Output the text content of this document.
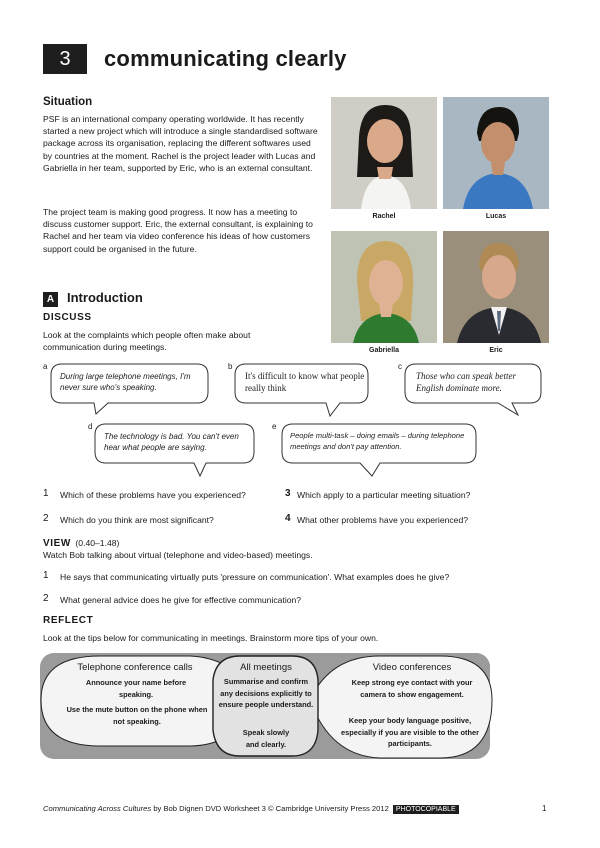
3	communicating clearly
Situation
PSF is an international company operating worldwide. It has recently started a new project which will introduce a single standardised software package across its organisation, replacing the different softwares used by countries at the moment. Rachel is the project leader with Lucas and Gabriella in her team, supported by Eric, who is an external consultant.
The project team is making good progress. It now has a meeting to discuss customer support. Eric, the external consultant, is explaining to Rachel and her team via video conference his ideas of how customers support could be organised in the future.
Rachel	Lucas
Gabriella	Eric
A Introduction
DISCUSS
Look at the complaints which people often make about communication during meetings.
a
During large telephone meetings, I'm never sure who's speaking.
b
It's difficult to know what people really think
c
Those who can speak better English dominate more.
d
The technology is bad. You can't even hear what people are saying.
e
People multi-task – doing emails – during telephone meetings and don't pay attention.
1 Which of these problems have you experienced?	3 Which apply to a particular meeting situation?
2 Which do you think are most significant?	4 What other problems have you experienced?
VIEW (0.40–1.48)
Watch Bob talking about virtual (telephone and video-based) meetings.
1 He says that communicating virtually puts 'pressure on communication'. What examples does he give?
2 What general advice does he give for effective communication?
REFLECT
Look at the tips below for communicating in meetings. Brainstorm more tips of your own.
Telephone conference calls
Announce your name before speaking.
Use the mute button on the phone when not speaking.
All meetings
Summarise and confirm any decisions explicitly to ensure people understand.
Speak slowly and clearly.
Video conferences
Keep strong eye contact with your camera to show engagement.
Keep your body language positive, especially if you are visible to the other participants.
Communicating Across Cultures by Bob Dignen DVD Worksheet 3 © Cambridge University Press 2012 PHOTOCOPIABLE	1
